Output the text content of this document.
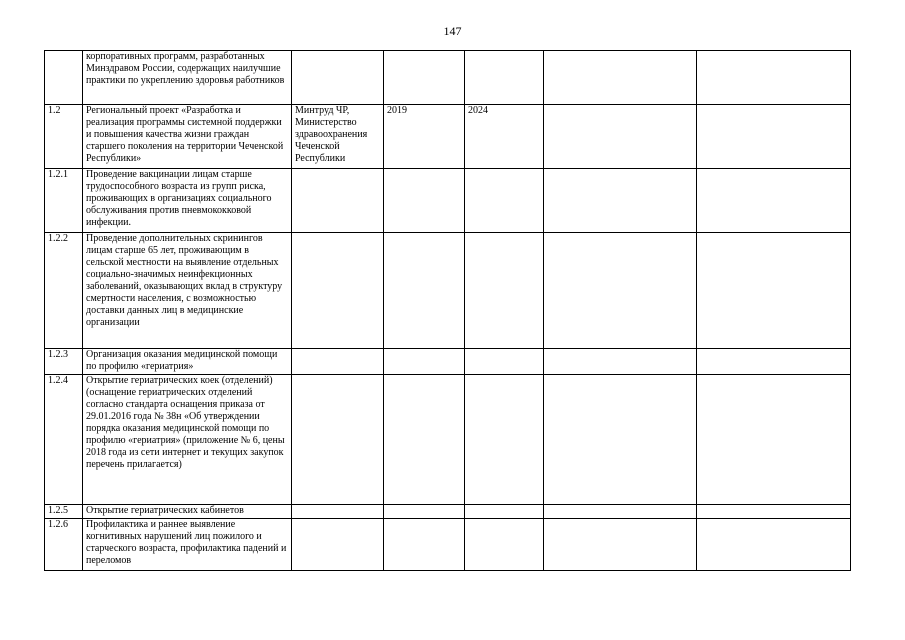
147
	корпоративных программ, разработанных Минздравом России, содержащих наилучшие практики по укреплению здоровья работников					
1.2	Региональный проект «Разработка и реализация программы системной поддержки и повышения качества жизни граждан старшего поколения на территории Чеченской Республики»	Минтруд ЧР, Министерство здравоохранения Чеченской Республики	2019	2024		
1.2.1	Проведение вакцинации лицам старше трудоспособного возраста из групп риска, проживающих в организациях социального обслуживания против пневмококковой инфекции.					
1.2.2	Проведение дополнительных скринингов лицам старше 65 лет, проживающим в сельской местности на выявление отдельных социально-значимых неинфекционных заболеваний, оказывающих вклад в структуру смертности населения, с возможностью доставки данных лиц в медицинские организации					
1.2.3	Организация оказания медицинской помощи по профилю «гериатрия»					
1.2.4	Открытие гериатрических коек (отделений) (оснащение гериатрических отделений согласно стандарта оснащения приказа от 29.01.2016 года № 38н «Об утверждении порядка оказания медицинской помощи по профилю «гериатрия» (приложение № 6, цены 2018 года из сети интернет и текущих закупок перечень прилагается)					
1.2.5	Открытие гериатрических кабинетов					
1.2.6	Профилактика и раннее выявление когнитивных нарушений лиц пожилого и старческого возраста, профилактика падений и переломов					
